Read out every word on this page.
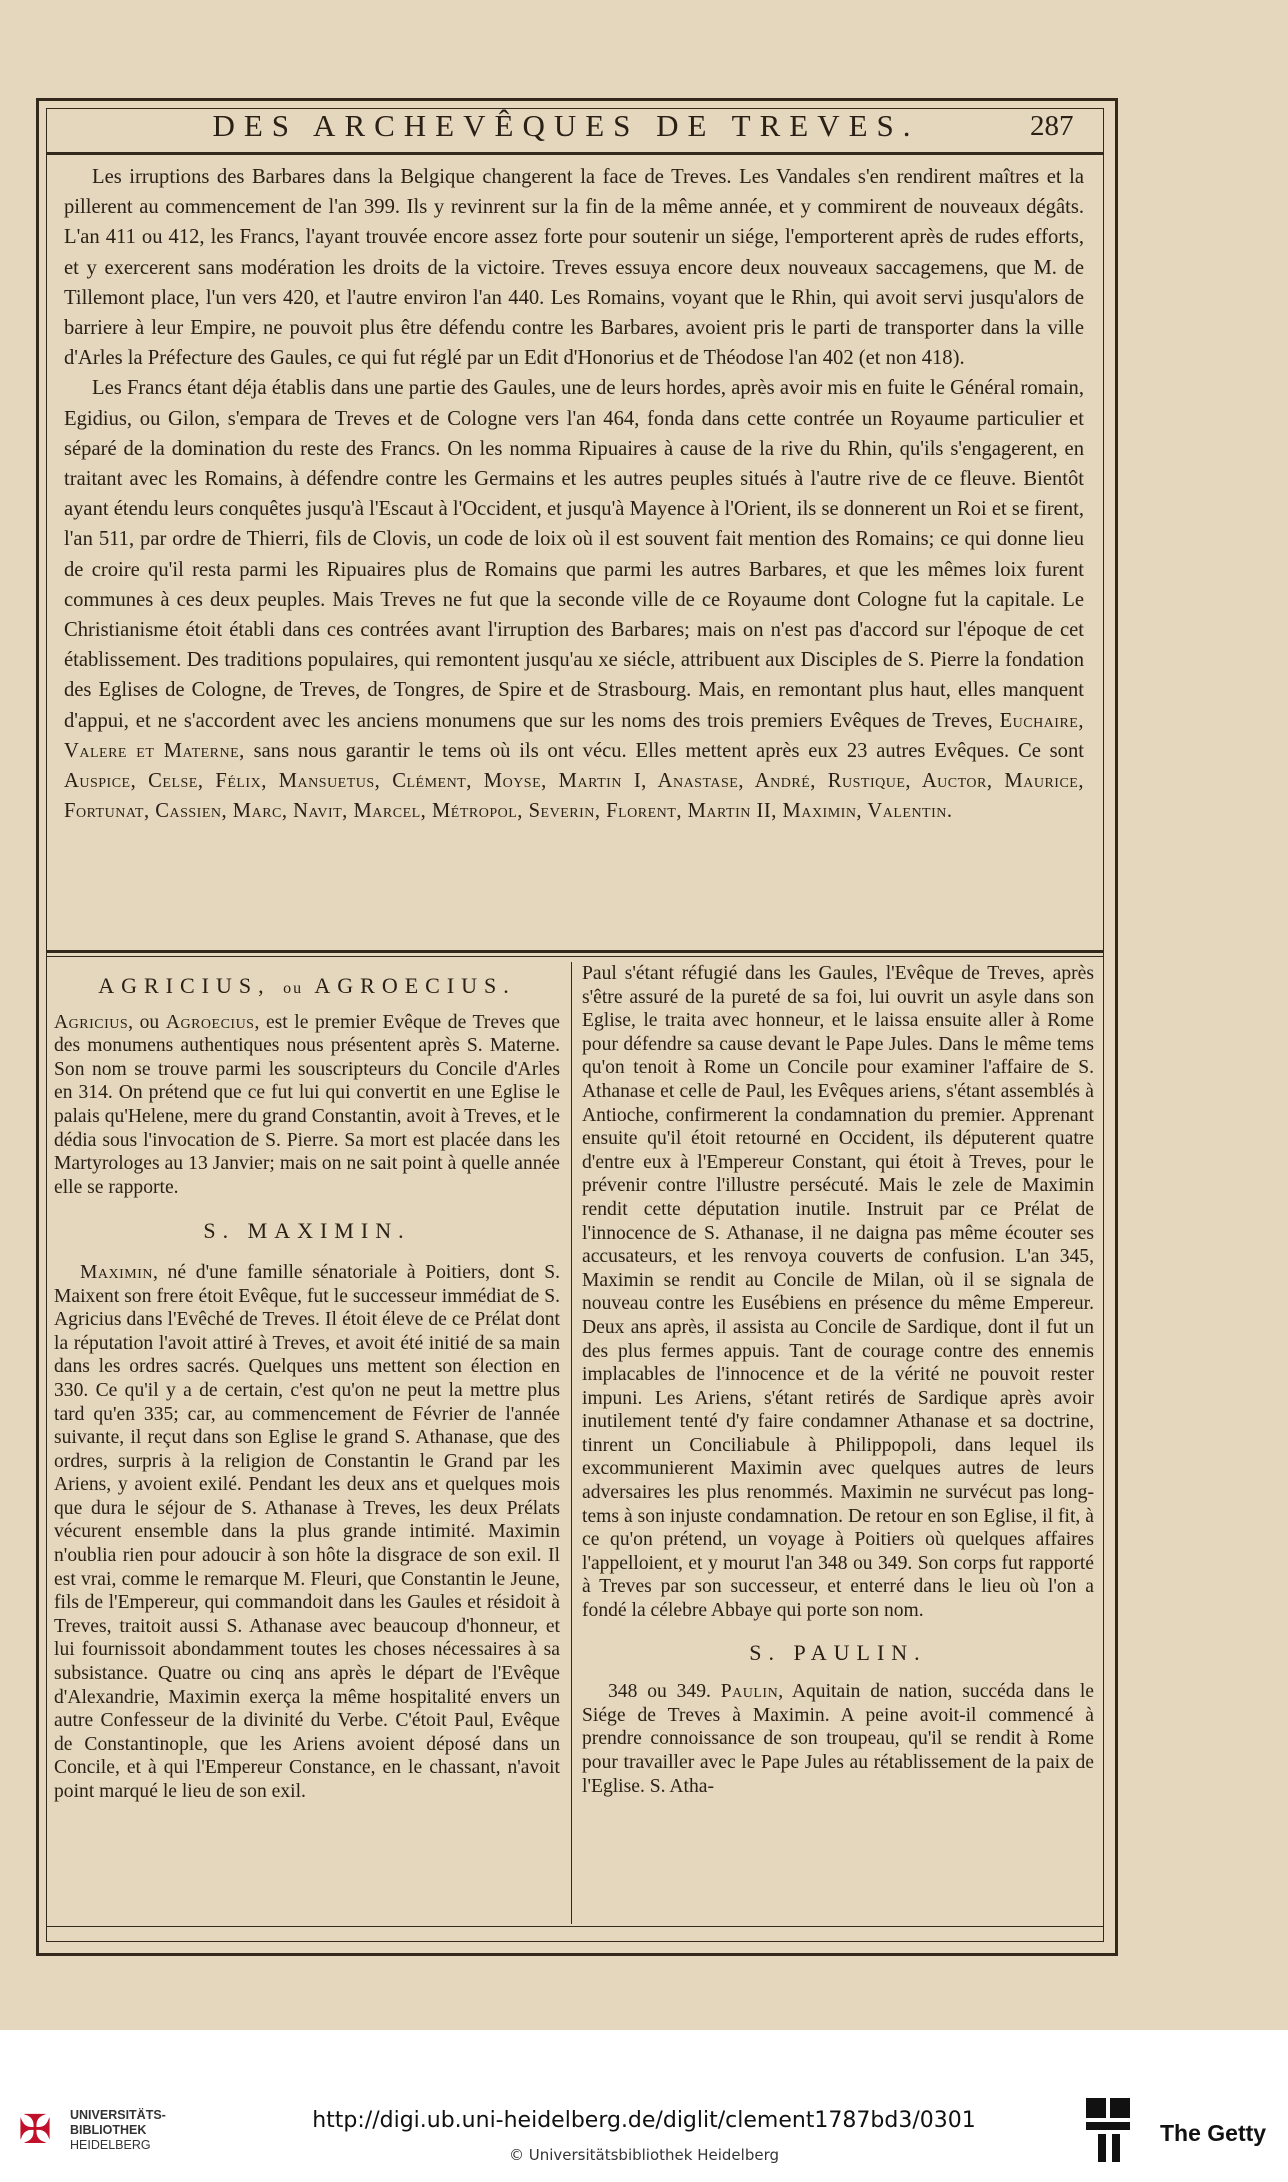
DES ARCHEVÊQUES DE TREVES.	287

Les irruptions des Barbares dans la Belgique changerent la face de Treves. Les Vandales s'en rendirent maîtres et la pillerent au commencement de l'an 399. Ils y revinrent sur la fin de la même année, et y commirent de nouveaux dégâts. L'an 411 ou 412, les Francs, l'ayant trouvée encore assez forte pour soutenir un siége, l'emporterent après de rudes efforts, et y exercerent sans modération les droits de la victoire. Treves essuya encore deux nouveaux saccagemens, que M. de Tillemont place, l'un vers 420, et l'autre environ l'an 440. Les Romains, voyant que le Rhin, qui avoit servi jusqu'alors de barriere à leur Empire, ne pouvoit plus être défendu contre les Barbares, avoient pris le parti de transporter dans la ville d'Arles la Préfecture des Gaules, ce qui fut réglé par un Edit d'Honorius et de Théodose l'an 402 (et non 418).

Les Francs étant déja établis dans une partie des Gaules, une de leurs hordes, après avoir mis en fuite le Général romain, Egidius, ou Gilon, s'empara de Treves et de Cologne vers l'an 464, fonda dans cette contrée un Royaume particulier et séparé de la domination du reste des Francs. On les nomma Ripuaires à cause de la rive du Rhin, qu'ils s'engagerent, en traitant avec les Romains, à défendre contre les Germains et les autres peuples situés à l'autre rive de ce fleuve. Bientôt ayant étendu leurs conquêtes jusqu'à l'Escaut à l'Occident, et jusqu'à Mayence à l'Orient, ils se donnerent un Roi et se firent, l'an 511, par ordre de Thierri, fils de Clovis, un code de loix où il est souvent fait mention des Romains; ce qui donne lieu de croire qu'il resta parmi les Ripuaires plus de Romains que parmi les autres Barbares, et que les mêmes loix furent communes à ces deux peuples. Mais Treves ne fut que la seconde ville de ce Royaume dont Cologne fut la capitale. Le Christianisme étoit établi dans ces contrées avant l'irruption des Barbares; mais on n'est pas d'accord sur l'époque de cet établissement. Des traditions populaires, qui remontent jusqu'au xe siécle, attribuent aux Disciples de S. Pierre la fondation des Eglises de Cologne, de Treves, de Tongres, de Spire et de Strasbourg. Mais, en remontant plus haut, elles manquent d'appui, et ne s'accordent avec les anciens monumens que sur les noms des trois premiers Evêques de Treves, Euchaire, Valere et Materne, sans nous garantir le tems où ils ont vécu. Elles mettent après eux 23 autres Evêques. Ce sont Auspice, Celse, Félix, Mansuetus, Clément, Moyse, Martin I, Anastase, André, Rustique, Auctor, Maurice, Fortunat, Cassien, Marc, Navit, Marcel, Métropol, Severin, Florent, Martin II, Maximin, Valentin.

AGRICIUS, ou AGROECIUS.

Agricius, ou Agroecius, est le premier Evêque de Treves que des monumens authentiques nous présentent après S. Materne. Son nom se trouve parmi les souscripteurs du Concile d'Arles en 314. On prétend que ce fut lui qui convertit en une Eglise le palais qu'Helene, mere du grand Constantin, avoit à Treves, et le dédia sous l'invocation de S. Pierre. Sa mort est placée dans les Martyrologes au 13 Janvier; mais on ne sait point à quelle année elle se rapporte.

S. MAXIMIN.

Maximin, né d'une famille sénatoriale à Poitiers, dont S. Maixent son frere étoit Evêque, fut le successeur immédiat de S. Agricius dans l'Evêché de Treves. Il étoit éleve de ce Prélat dont la réputation l'avoit attiré à Treves, et avoit été initié de sa main dans les ordres sacrés. Quelques uns mettent son élection en 330. Ce qu'il y a de certain, c'est qu'on ne peut la mettre plus tard qu'en 335; car, au commencement de Février de l'année suivante, il reçut dans son Eglise le grand S. Athanase, que des ordres, surpris à la religion de Constantin le Grand par les Ariens, y avoient exilé. Pendant les deux ans et quelques mois que dura le séjour de S. Athanase à Treves, les deux Prélats vécurent ensemble dans la plus grande intimité. Maximin n'oublia rien pour adoucir à son hôte la disgrace de son exil. Il est vrai, comme le remarque M. Fleuri, que Constantin le Jeune, fils de l'Empereur, qui commandoit dans les Gaules et résidoit à Treves, traitoit aussi S. Athanase avec beaucoup d'honneur, et lui fournissoit abondamment toutes les choses nécessaires à sa subsistance. Quatre ou cinq ans après le départ de l'Evêque d'Alexandrie, Maximin exerça la même hospitalité envers un autre Confesseur de la divinité du Verbe. C'étoit Paul, Evêque de Constantinople, que les Ariens avoient déposé dans un Concile, et à qui l'Empereur Constance, en le chassant, n'avoit point marqué le lieu de son exil.

Paul s'étant réfugié dans les Gaules, l'Evêque de Treves, après s'être assuré de la pureté de sa foi, lui ouvrit un asyle dans son Eglise, le traita avec honneur, et le laissa ensuite aller à Rome pour défendre sa cause devant le Pape Jules. Dans le même tems qu'on tenoit à Rome un Concile pour examiner l'affaire de S. Athanase et celle de Paul, les Evêques ariens, s'étant assemblés à Antioche, confirmerent la condamnation du premier. Apprenant ensuite qu'il étoit retourné en Occident, ils députerent quatre d'entre eux à l'Empereur Constant, qui étoit à Treves, pour le prévenir contre l'illustre persécuté. Mais le zele de Maximin rendit cette députation inutile. Instruit par ce Prélat de l'innocence de S. Athanase, il ne daigna pas même écouter ses accusateurs, et les renvoya couverts de confusion. L'an 345, Maximin se rendit au Concile de Milan, où il se signala de nouveau contre les Eusébiens en présence du même Empereur. Deux ans après, il assista au Concile de Sardique, dont il fut un des plus fermes appuis. Tant de courage contre des ennemis implacables de l'innocence et de la vérité ne pouvoit rester impuni. Les Ariens, s'étant retirés de Sardique après avoir inutilement tenté d'y faire condamner Athanase et sa doctrine, tinrent un Conciliabule à Philippopoli, dans lequel ils excommunierent Maximin avec quelques autres de leurs adversaires les plus renommés. Maximin ne survécut pas long-tems à son injuste condamnation. De retour en son Eglise, il fit, à ce qu'on prétend, un voyage à Poitiers où quelques affaires l'appelloient, et y mourut l'an 348 ou 349. Son corps fut rapporté à Treves par son successeur, et enterré dans le lieu où l'on a fondé la célebre Abbaye qui porte son nom.

S. PAULIN.

348 ou 349. Paulin, Aquitain de nation, succéda dans le Siége de Treves à Maximin. A peine avoit-il commencé à prendre connoissance de son troupeau, qu'il se rendit à Rome pour travailler avec le Pape Jules au rétablissement de la paix de l'Eglise. S. Atha-

✠	UNIVERSITÄTS-
BIBLIOTHEK
HEIDELBERG
http://digi.ub.uni-heidelberg.de/diglit/clement1787bd3/0301
© Universitätsbibliothek Heidelberg
The Getty
